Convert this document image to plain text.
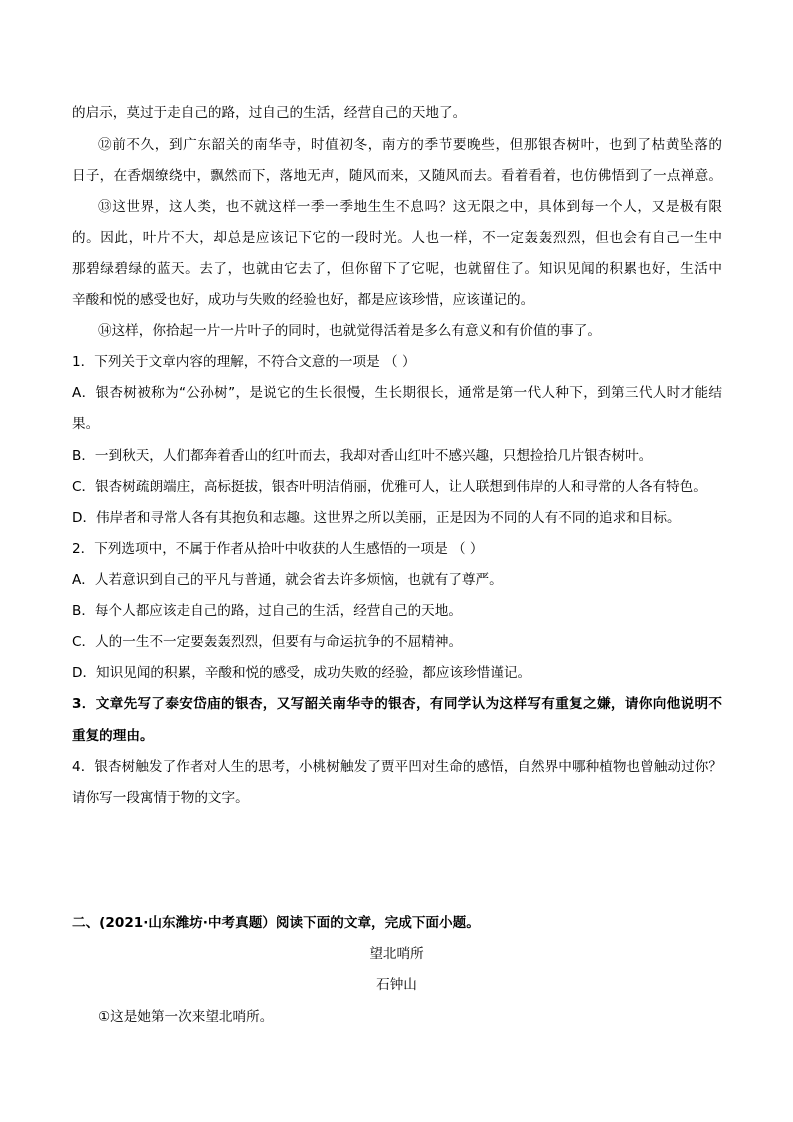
的启示，莫过于走自己的路，过自己的生活，经营自己的天地了。
⑫前不久，到广东韶关的南华寺，时值初冬，南方的季节要晚些，但那银杏树叶，也到了枯黄坠落的
日子，在香烟缭绕中，飘然而下，落地无声，随风而来，又随风而去。看着看着，也仿佛悟到了一点禅意。
⑬这世界，这人类，也不就这样一季一季地生生不息吗？这无限之中，具体到每一个人，又是极有限
的。因此，叶片不大，却总是应该记下它的一段时光。人也一样，不一定轰轰烈烈，但也会有自己一生中
那碧绿碧绿的蓝天。去了，也就由它去了，但你留下了它呢，也就留住了。知识见闻的积累也好，生活中
辛酸和悦的感受也好，成功与失败的经验也好，都是应该珍惜，应该谨记的。
⑭这样，你拾起一片一片叶子的同时，也就觉得活着是多么有意义和有价值的事了。
1．下列关于文章内容的理解，不符合文意的一项是 （ ）
A．银杏树被称为“公孙树”，是说它的生长很慢，生长期很长，通常是第一代人种下，到第三代人时才能结
果。
B．一到秋天，人们都奔着香山的红叶而去，我却对香山红叶不感兴趣，只想捡拾几片银杏树叶。
C．银杏树疏朗端庄，高标挺拔，银杏叶明洁俏丽，优雅可人，让人联想到伟岸的人和寻常的人各有特色。
D．伟岸者和寻常人各有其抱负和志趣。这世界之所以美丽，正是因为不同的人有不同的追求和目标。
2．下列选项中，不属于作者从拾叶中收获的人生感悟的一项是 （ ）
A．人若意识到自己的平凡与普通，就会省去许多烦恼，也就有了尊严。
B．每个人都应该走自己的路，过自己的生活，经营自己的天地。
C．人的一生不一定要轰轰烈烈，但要有与命运抗争的不屈精神。
D．知识见闻的积累，辛酸和悦的感受，成功失败的经验，都应该珍惜谨记。
3．文章先写了泰安岱庙的银杏，又写韶关南华寺的银杏，有同学认为这样写有重复之嫌，请你向他说明不
重复的理由。
4．银杏树触发了作者对人生的思考，小桃树触发了贾平凹对生命的感悟，自然界中哪种植物也曾触动过你？
请你写一段寓情于物的文字。
二、(2021·山东潍坊·中考真题）阅读下面的文章，完成下面小题。
望北哨所
石钟山
①这是她第一次来望北哨所。
